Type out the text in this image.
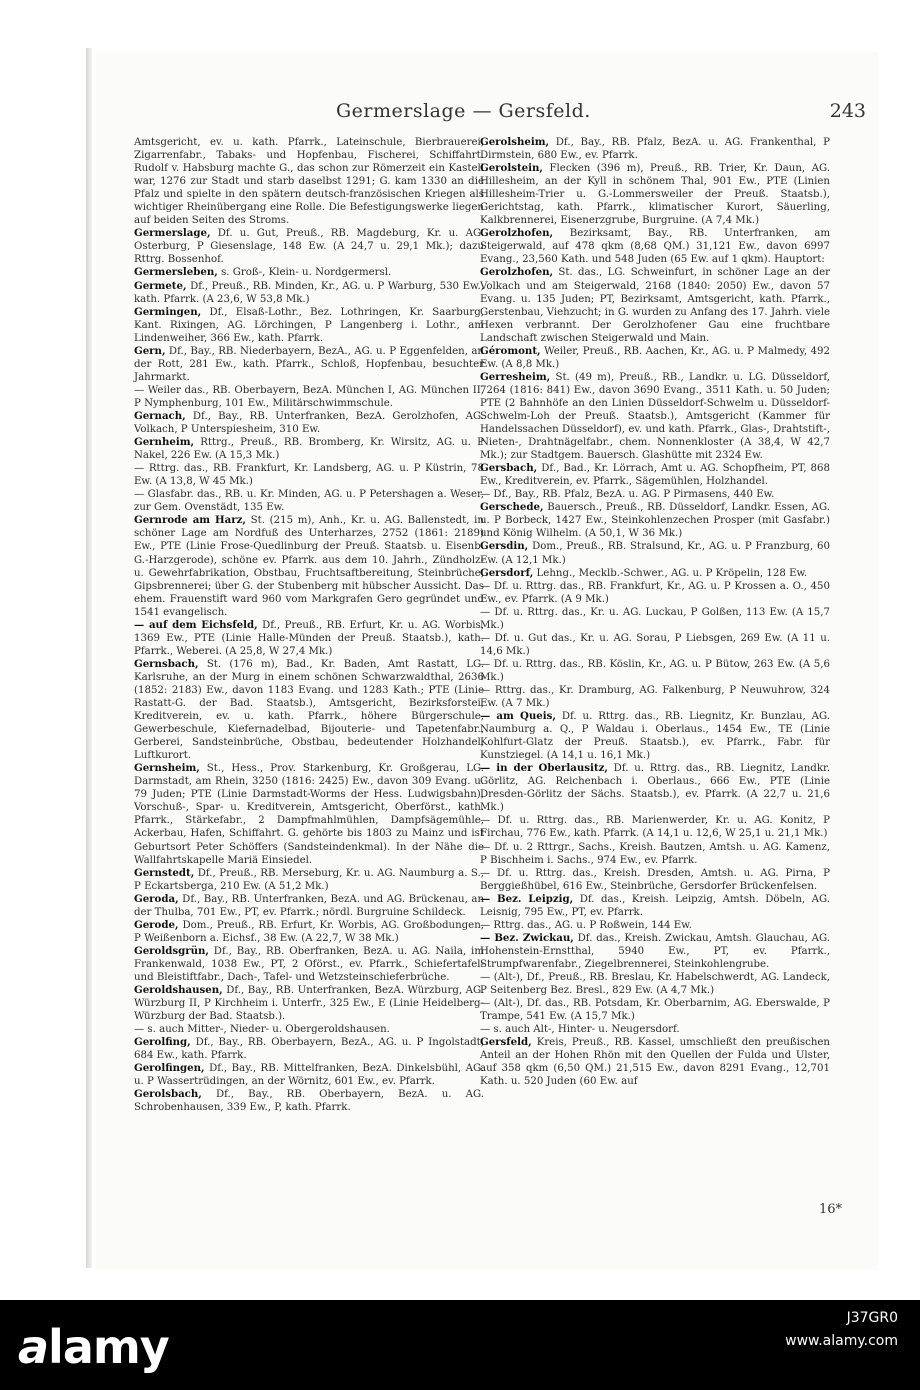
Germerslage — Gersfeld.	243

Amtsgericht, ev. u. kath. Pfarrk., Lateinschule, Bierbrauerei, Zigarrenfabr., Tabaks- und Hopfenbau, Fischerei, Schiffahrt. Rudolf v. Habsburg machte G., das schon zur Römerzeit ein Kastell war, 1276 zur Stadt und starb daselbst 1291; G. kam 1330 an die Pfalz und spielte in den spätern deutsch-französischen Kriegen als wichtiger Rheinübergang eine Rolle. Die Befestigungswerke liegen auf beiden Seiten des Stroms.

Germerslage, Df. u. Gut, Preuß., RB. Magdeburg, Kr. u. AG. Osterburg, P Giesenslage, 148 Ew. (A 24,7 u. 29,1 Mk.); dazu Rttrg. Bossenhof.

Germersleben, s. Groß-, Klein- u. Nordgermersl.

Germete, Df., Preuß., RB. Minden, Kr., AG. u. P Warburg, 530 Ew., kath. Pfarrk. (A 23,6, W 53,8 Mk.)

Germingen, Df., Elsaß-Lothr., Bez. Lothringen, Kr. Saarburg, Kant. Rixingen, AG. Lörchingen, P Langenberg i. Lothr., am Lindenweiher, 366 Ew., kath. Pfarrk.

Gern, Df., Bay., RB. Niederbayern, BezA., AG. u. P Eggenfelden, an der Rott, 281 Ew., kath. Pfarrk., Schloß, Hopfenbau, besuchter Jahrmarkt.

— Weiler das., RB. Oberbayern, BezA. München I, AG. München II, P Nymphenburg, 101 Ew., Militärschwimmschule.

Gernach, Df., Bay., RB. Unterfranken, BezA. Gerolzhofen, AG. Volkach, P Unterspiesheim, 310 Ew.

Gernheim, Rttrg., Preuß., RB. Bromberg, Kr. Wirsitz, AG. u. P Nakel, 226 Ew. (A 15,3 Mk.)

— Rttrg. das., RB. Frankfurt, Kr. Landsberg, AG. u. P Küstrin, 78 Ew. (A 13,8, W 45 Mk.)

— Glasfabr. das., RB. u. Kr. Minden, AG. u. P Petershagen a. Weser, zur Gem. Ovenstädt, 135 Ew.

Gernrode am Harz, St. (215 m), Anh., Kr. u. AG. Ballenstedt, in schöner Lage am Nordfuß des Unterharzes, 2752 (1861: 2189) Ew., PTE (Linie Frose-Quedlinburg der Preuß. Staatsb. u. Eisenb. G.-Harzgerode), schöne ev. Pfarrk. aus dem 10. Jahrh., Zündholz- u. Gewehrfabrikation, Obstbau, Fruchtsaftbereitung, Steinbrüche, Gipsbrennerei; über G. der Stubenberg mit hübscher Aussicht. Das ehem. Frauenstift ward 960 vom Markgrafen Gero gegründet und 1541 evangelisch.

— auf dem Eichsfeld, Df., Preuß., RB. Erfurt, Kr. u. AG. Worbis, 1369 Ew., PTE (Linie Halle-Münden der Preuß. Staatsb.), kath. Pfarrk., Weberei. (A 25,8, W 27,4 Mk.)

Gernsbach, St. (176 m), Bad., Kr. Baden, Amt Rastatt, LG. Karlsruhe, an der Murg in einem schönen Schwarzwaldthal, 2636 (1852: 2183) Ew., davon 1183 Evang. und 1283 Kath.; PTE (Linie Rastatt-G. der Bad. Staatsb.), Amtsgericht, Bezirksforstei, Kreditverein, ev. u. kath. Pfarrk., höhere Bürgerschule, Gewerbeschule, Kiefernadelbad, Bijouterie- und Tapetenfabr., Gerberei, Sandsteinbrüche, Obstbau, bedeutender Holzhandel, Luftkurort.

Gernsheim, St., Hess., Prov. Starkenburg, Kr. Großgerau, LG. Darmstadt, am Rhein, 3250 (1816: 2425) Ew., davon 309 Evang. u. 79 Juden; PTE (Linie Darmstadt-Worms der Hess. Ludwigsbahn), Vorschuß-, Spar- u. Kreditverein, Amtsgericht, Oberförst., kath. Pfarrk., Stärkefabr., 2 Dampfmahlmühlen, Dampfsägemühle, Ackerbau, Hafen, Schiffahrt. G. gehörte bis 1803 zu Mainz und ist Geburtsort Peter Schöffers (Sandsteindenkmal). In der Nähe die Wallfahrtskapelle Mariä Einsiedel.

Gernstedt, Df., Preuß., RB. Merseburg, Kr. u. AG. Naumburg a. S., P Eckartsberga, 210 Ew. (A 51,2 Mk.)

Geroda, Df., Bay., RB. Unterfranken, BezA. und AG. Brückenau, an der Thulba, 701 Ew., PT, ev. Pfarrk.; nördl. Burgruine Schildeck.

Gerode, Dom., Preuß., RB. Erfurt, Kr. Worbis, AG. Großbodungen, P Weißenborn a. Eichsf., 38 Ew. (A 22,7, W 38 Mk.)

Geroldsgrün, Df., Bay., RB. Oberfranken, BezA. u. AG. Naila, im Frankenwald, 1038 Ew., PT, 2 Oförst., ev. Pfarrk., Schiefertafel- und Bleistiftfabr., Dach-, Tafel- und Wetzsteinschieferbrüche.

Geroldshausen, Df., Bay., RB. Unterfranken, BezA. Würzburg, AG. Würzburg II, P Kirchheim i. Unterfr., 325 Ew., E (Linie Heidelberg-Würzburg der Bad. Staatsb.).

— s. auch Mitter-, Nieder- u. Obergeroldshausen.

Gerolfing, Df., Bay., RB. Oberbayern, BezA., AG. u. P Ingolstadt, 684 Ew., kath. Pfarrk.

Gerolfingen, Df., Bay., RB. Mittelfranken, BezA. Dinkelsbühl, AG. u. P Wassertrüdingen, an der Wörnitz, 601 Ew., ev. Pfarrk.

Gerolsbach, Df., Bay., RB. Oberbayern, BezA. u. AG. Schrobenhausen, 339 Ew., P, kath. Pfarrk.

Gerolsheim, Df., Bay., RB. Pfalz, BezA. u. AG. Frankenthal, P Dirmstein, 680 Ew., ev. Pfarrk.

Gerolstein, Flecken (396 m), Preuß., RB. Trier, Kr. Daun, AG. Hillesheim, an der Kyll in schönem Thal, 901 Ew., PTE (Linien Hillesheim-Trier u. G.-Lommersweiler der Preuß. Staatsb.), Gerichtstag, kath. Pfarrk., klimatischer Kurort, Säuerling, Kalkbrennerei, Eisenerzgrube, Burgruine. (A 7,4 Mk.)

Gerolzhofen, Bezirksamt, Bay., RB. Unterfranken, am Steigerwald, auf 478 qkm (8,68 QM.) 31,121 Ew., davon 6997 Evang., 23,560 Kath. und 548 Juden (65 Ew. auf 1 qkm). Hauptort:

Gerolzhofen, St. das., LG. Schweinfurt, in schöner Lage an der Volkach und am Steigerwald, 2168 (1840: 2050) Ew., davon 57 Evang. u. 135 Juden; PT, Bezirksamt, Amtsgericht, kath. Pfarrk., Gerstenbau, Viehzucht; in G. wurden zu Anfang des 17. Jahrh. viele Hexen verbrannt. Der Gerolzhofener Gau eine fruchtbare Landschaft zwischen Steigerwald und Main.

Géromont, Weiler, Preuß., RB. Aachen, Kr., AG. u. P Malmedy, 492 Ew. (A 8,8 Mk.)

Gerresheim, St. (49 m), Preuß., RB., Landkr. u. LG. Düsseldorf, 7264 (1816: 841) Ew., davon 3690 Evang., 3511 Kath. u. 50 Juden; PTE (2 Bahnhöfe an den Linien Düsseldorf-Schwelm u. Düsseldorf-Schwelm-Loh der Preuß. Staatsb.), Amtsgericht (Kammer für Handelssachen Düsseldorf), ev. und kath. Pfarrk., Glas-, Drahtstift-, Nieten-, Drahtnägelfabr., chem. Nonnenkloster (A 38,4, W 42,7 Mk.); zur Stadtgem. Bauersch. Glashütte mit 2324 Ew.

Gersbach, Df., Bad., Kr. Lörrach, Amt u. AG. Schopfheim, PT, 868 Ew., Kreditverein, ev. Pfarrk., Sägemühlen, Holzhandel.

— Df., Bay., RB. Pfalz, BezA. u. AG. P Pirmasens, 440 Ew.

Gerschede, Bauersch., Preuß., RB. Düsseldorf, Landkr. Essen, AG. u. P Borbeck, 1427 Ew., Steinkohlenzechen Prosper (mit Gasfabr.) und König Wilhelm. (A 50,1, W 36 Mk.)

Gersdin, Dom., Preuß., RB. Stralsund, Kr., AG. u. P Franzburg, 60 Ew. (A 12,1 Mk.)

Gersdorf, Lehng., Mecklb.-Schwer., AG. u. P Kröpelin, 128 Ew.

— Df. u. Rttrg. das., RB. Frankfurt, Kr., AG. u. P Krossen a. O., 450 Ew., ev. Pfarrk. (A 9 Mk.)

— Df. u. Rttrg. das., Kr. u. AG. Luckau, P Golßen, 113 Ew. (A 15,7 Mk.)

— Df. u. Gut das., Kr. u. AG. Sorau, P Liebsgen, 269 Ew. (A 11 u. 14,6 Mk.)

— Df. u. Rttrg. das., RB. Köslin, Kr., AG. u. P Bütow, 263 Ew. (A 5,6 Mk.)

— Rttrg. das., Kr. Dramburg, AG. Falkenburg, P Neuwuhrow, 324 Ew. (A 7 Mk.)

— am Queis, Df. u. Rttrg. das., RB. Liegnitz, Kr. Bunzlau, AG. Naumburg a. Q., P Waldau i. Oberlaus., 1454 Ew., TE (Linie Kohlfurt-Glatz der Preuß. Staatsb.), ev. Pfarrk., Fabr. für Kunstziegel. (A 14,1 u. 16,1 Mk.)

— in der Oberlausitz, Df. u. Rttrg. das., RB. Liegnitz, Landkr. Görlitz, AG. Reichenbach i. Oberlaus., 666 Ew., PTE (Linie Dresden-Görlitz der Sächs. Staatsb.), ev. Pfarrk. (A 22,7 u. 21,6 Mk.)

— Df. u. Rttrg. das., RB. Marienwerder, Kr. u. AG. Konitz, P Firchau, 776 Ew., kath. Pfarrk. (A 14,1 u. 12,6, W 25,1 u. 21,1 Mk.)

— Df. u. 2 Rttrgr., Sachs., Kreish. Bautzen, Amtsh. u. AG. Kamenz, P Bischheim i. Sachs., 974 Ew., ev. Pfarrk.

— Df. u. Rttrg. das., Kreish. Dresden, Amtsh. u. AG. Pirna, P Berggießhübel, 616 Ew., Steinbrüche, Gersdorfer Brückenfelsen.

— Bez. Leipzig, Df. das., Kreish. Leipzig, Amtsh. Döbeln, AG. Leisnig, 795 Ew., PT, ev. Pfarrk.

— Rttrg. das., AG. u. P Roßwein, 144 Ew.

— Bez. Zwickau, Df. das., Kreish. Zwickau, Amtsh. Glauchau, AG. Hohenstein-Ernstthal, 5940 Ew., PT, ev. Pfarrk., Strumpfwarenfabr., Ziegelbrennerei, Steinkohlengrube.

— (Alt-), Df., Preuß., RB. Breslau, Kr. Habelschwerdt, AG. Landeck, P Seitenberg Bez. Bresl., 829 Ew. (A 4,7 Mk.)

— (Alt-), Df. das., RB. Potsdam, Kr. Oberbarnim, AG. Eberswalde, P Trampe, 541 Ew. (A 15,7 Mk.)

— s. auch Alt-, Hinter- u. Neugersdorf.

Gersfeld, Kreis, Preuß., RB. Kassel, umschließt den preußischen Anteil an der Hohen Rhön mit den Quellen der Fulda und Ulster, auf 358 qkm (6,50 QM.) 21,515 Ew., davon 8291 Evang., 12,701 Kath. u. 520 Juden (60 Ew. auf

16*
alamy
J37GR0
www.alamy.com
